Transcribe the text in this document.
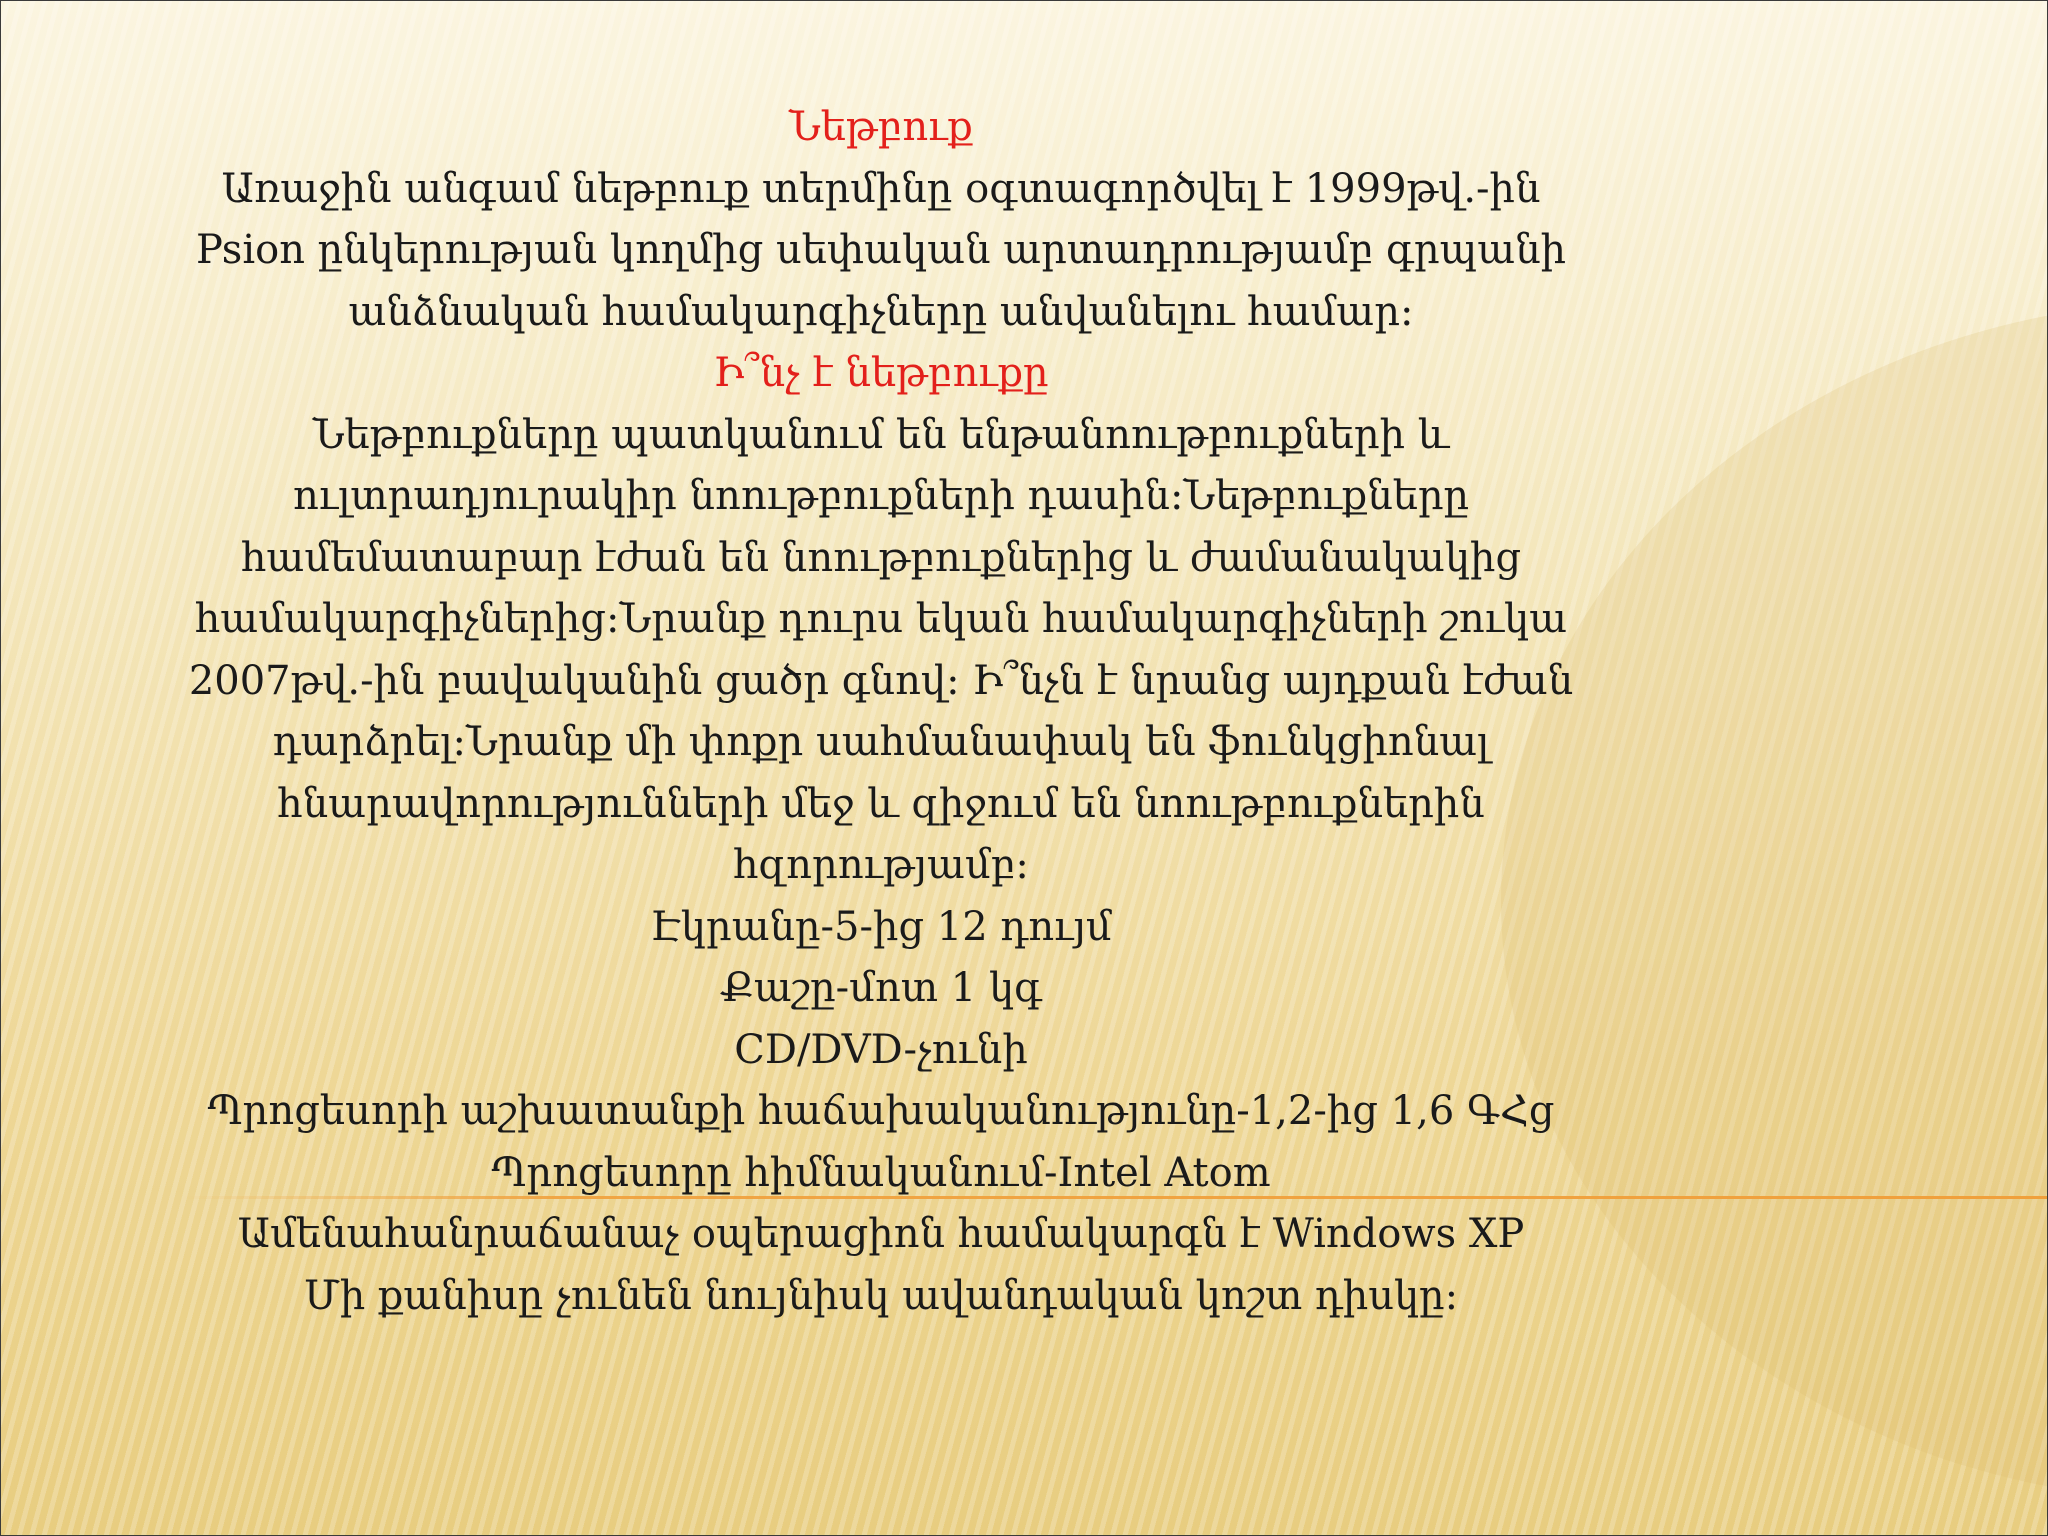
Նեթբուք

Առաջին անգամ նեթբուք տերմինը օգտագործվել է 1999թվ.-ին Psion ընկերության կողմից սեփական արտադրությամբ գրպանի անձնական համակարգիչները անվանելու համար:

Ի՞նչ է նեթբուքը

Նեթբուքները պատկանում են ենթանոութբուքների և ուլտրադյուրակիր նոութբուքների դասին:Նեթբուքները համեմատաբար էժան են նոութբուքներից և ժամանակակից համակարգիչներից:Նրանք դուրս եկան համակարգիչների շուկա 2007թվ.-ին բավականին ցածր գնով: Ի՞նչն է նրանց այդքան էժան դարձրել:Նրանք մի փոքր սահմանափակ են ֆունկցիոնալ հնարավորությունների մեջ և զիջում են նոութբուքներին հզորությամբ:

Էկրանը-5-ից 12 դույմ

Քաշը-մոտ 1 կգ

CD/DVD-չունի

Պրոցեսորի աշխատանքի հաճախականությունը-1,2-ից 1,6 ԳՀց

Պրոցեսորը հիմնականում-Intel Atom

Ամենահանրաճանաչ օպերացիոն համակարգն է Windows XP

Մի քանիսը չունեն նույնիսկ ավանդական կոշտ դիսկը:
